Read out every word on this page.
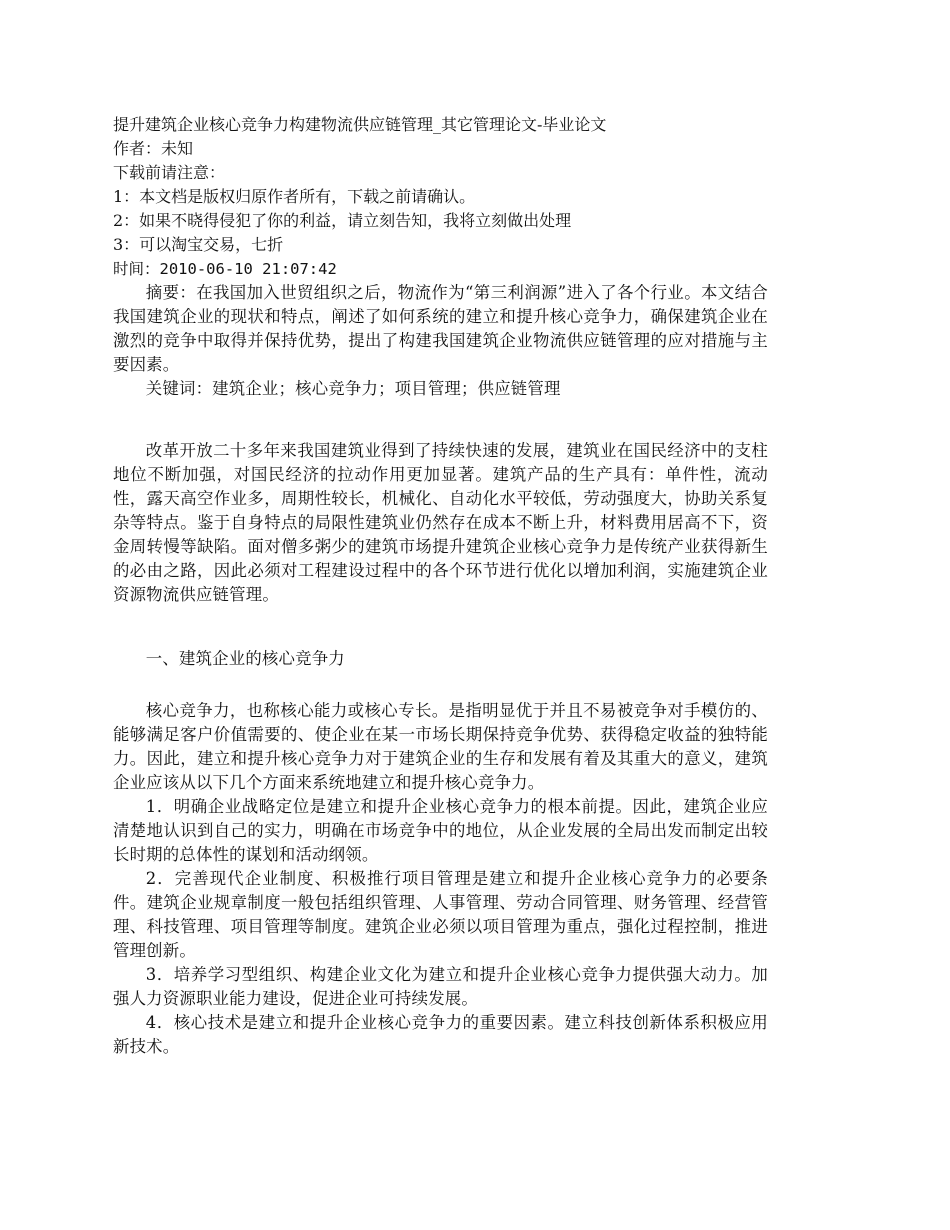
提升建筑企业核心竞争力构建物流供应链管理_其它管理论文-毕业论文
作者：未知
下载前请注意：
1：本文档是版权归原作者所有，下载之前请确认。
2：如果不晓得侵犯了你的利益，请立刻告知，我将立刻做出处理
3：可以淘宝交易，七折
时间：2010-06-10 21:07:42

摘要：在我国加入世贸组织之后，物流作为“第三利润源”进入了各个行业。本文结合我国建筑企业的现状和特点，阐述了如何系统的建立和提升核心竞争力，确保建筑企业在激烈的竞争中取得并保持优势，提出了构建我国建筑企业物流供应链管理的应对措施与主要因素。

关键词：建筑企业；核心竞争力；项目管理；供应链管理

改革开放二十多年来我国建筑业得到了持续快速的发展，建筑业在国民经济中的支柱地位不断加强，对国民经济的拉动作用更加显著。建筑产品的生产具有：单件性，流动性，露天高空作业多，周期性较长，机械化、自动化水平较低，劳动强度大，协助关系复杂等特点。鉴于自身特点的局限性建筑业仍然存在成本不断上升，材料费用居高不下，资金周转慢等缺陷。面对僧多粥少的建筑市场提升建筑企业核心竞争力是传统产业获得新生的必由之路，因此必须对工程建设过程中的各个环节进行优化以增加利润，实施建筑企业资源物流供应链管理。

一、建筑企业的核心竞争力

核心竞争力，也称核心能力或核心专长。是指明显优于并且不易被竞争对手模仿的、能够满足客户价值需要的、使企业在某一市场长期保持竞争优势、获得稳定收益的独特能力。因此，建立和提升核心竞争力对于建筑企业的生存和发展有着及其重大的意义，建筑企业应该从以下几个方面来系统地建立和提升核心竞争力。

1．明确企业战略定位是建立和提升企业核心竞争力的根本前提。因此，建筑企业应清楚地认识到自己的实力，明确在市场竞争中的地位，从企业发展的全局出发而制定出较长时期的总体性的谋划和活动纲领。

2．完善现代企业制度、积极推行项目管理是建立和提升企业核心竞争力的必要条件。建筑企业规章制度一般包括组织管理、人事管理、劳动合同管理、财务管理、经营管理、科技管理、项目管理等制度。建筑企业必须以项目管理为重点，强化过程控制，推进管理创新。

3．培养学习型组织、构建企业文化为建立和提升企业核心竞争力提供强大动力。加强人力资源职业能力建设，促进企业可持续发展。

4．核心技术是建立和提升企业核心竞争力的重要因素。建立科技创新体系积极应用新技术。
